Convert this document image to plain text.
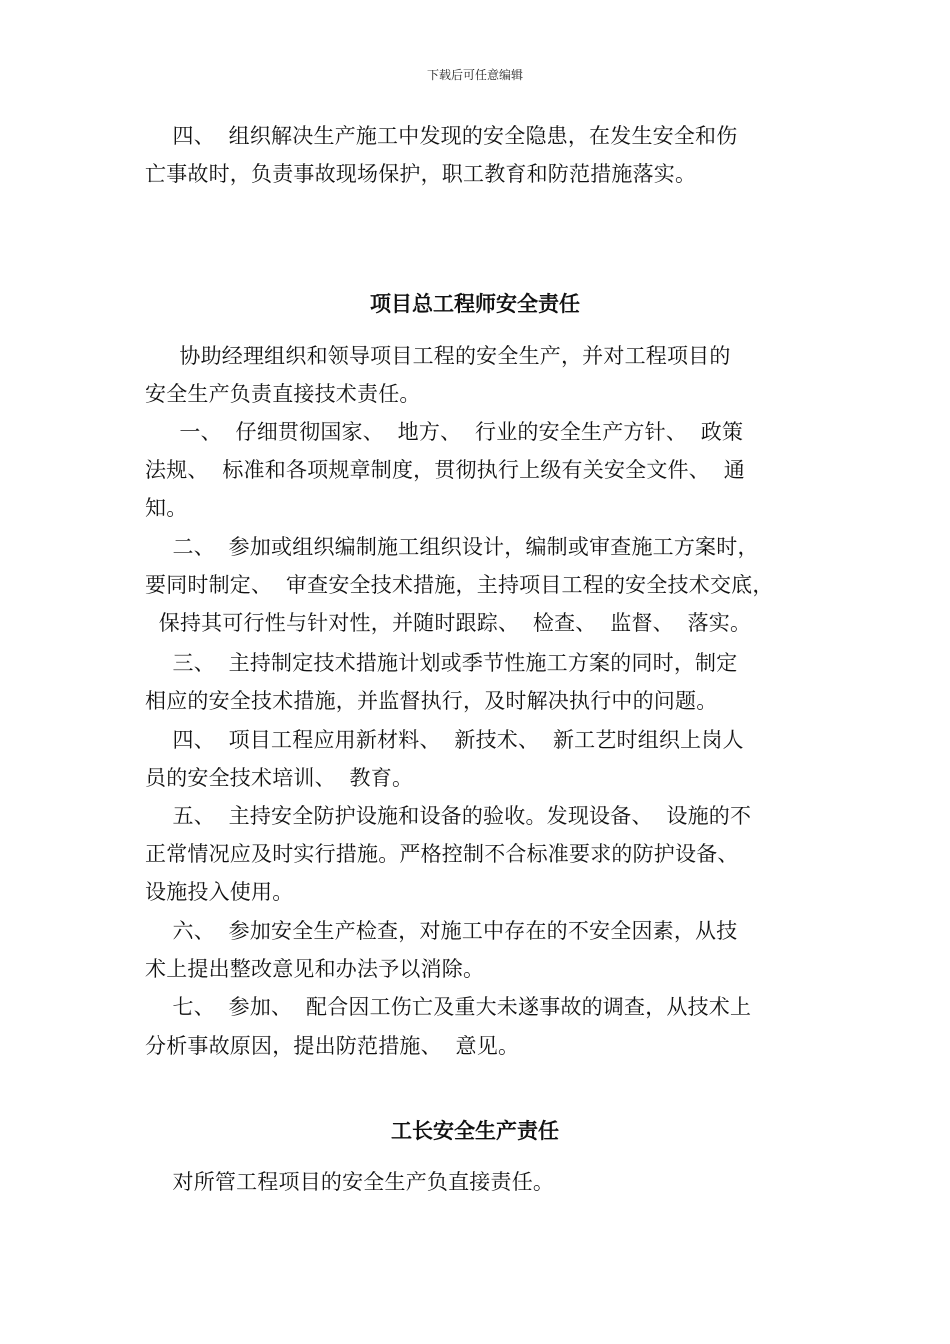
下载后可任意编辑
四、  组织解决生产施工中发现的安全隐患，在发生安全和伤
亡事故时，负责事故现场保护，职工教育和防范措施落实。
项目总工程师安全责任
协助经理组织和领导项目工程的安全生产，并对工程项目的
安全生产负责直接技术责任。
一、  仔细贯彻国家、  地方、  行业的安全生产方针、  政策
法规、  标准和各项规章制度，贯彻执行上级有关安全文件、  通
知。
二、  参加或组织编制施工组织设计，编制或审查施工方案时，
要同时制定、  审查安全技术措施，主持项目工程的安全技术交底，
保持其可行性与针对性，并随时跟踪、  检查、  监督、  落实。
三、  主持制定技术措施计划或季节性施工方案的同时，制定
相应的安全技术措施，并监督执行，及时解决执行中的问题。
四、  项目工程应用新材料、  新技术、  新工艺时组织上岗人
员的安全技术培训、  教育。
五、  主持安全防护设施和设备的验收。发现设备、  设施的不
正常情况应及时实行措施。严格控制不合标准要求的防护设备、
设施投入使用。
六、  参加安全生产检查，对施工中存在的不安全因素，从技
术上提出整改意见和办法予以消除。
七、  参加、  配合因工伤亡及重大未遂事故的调查，从技术上
分析事故原因，提出防范措施、  意见。
工长安全生产责任
对所管工程项目的安全生产负直接责任。
